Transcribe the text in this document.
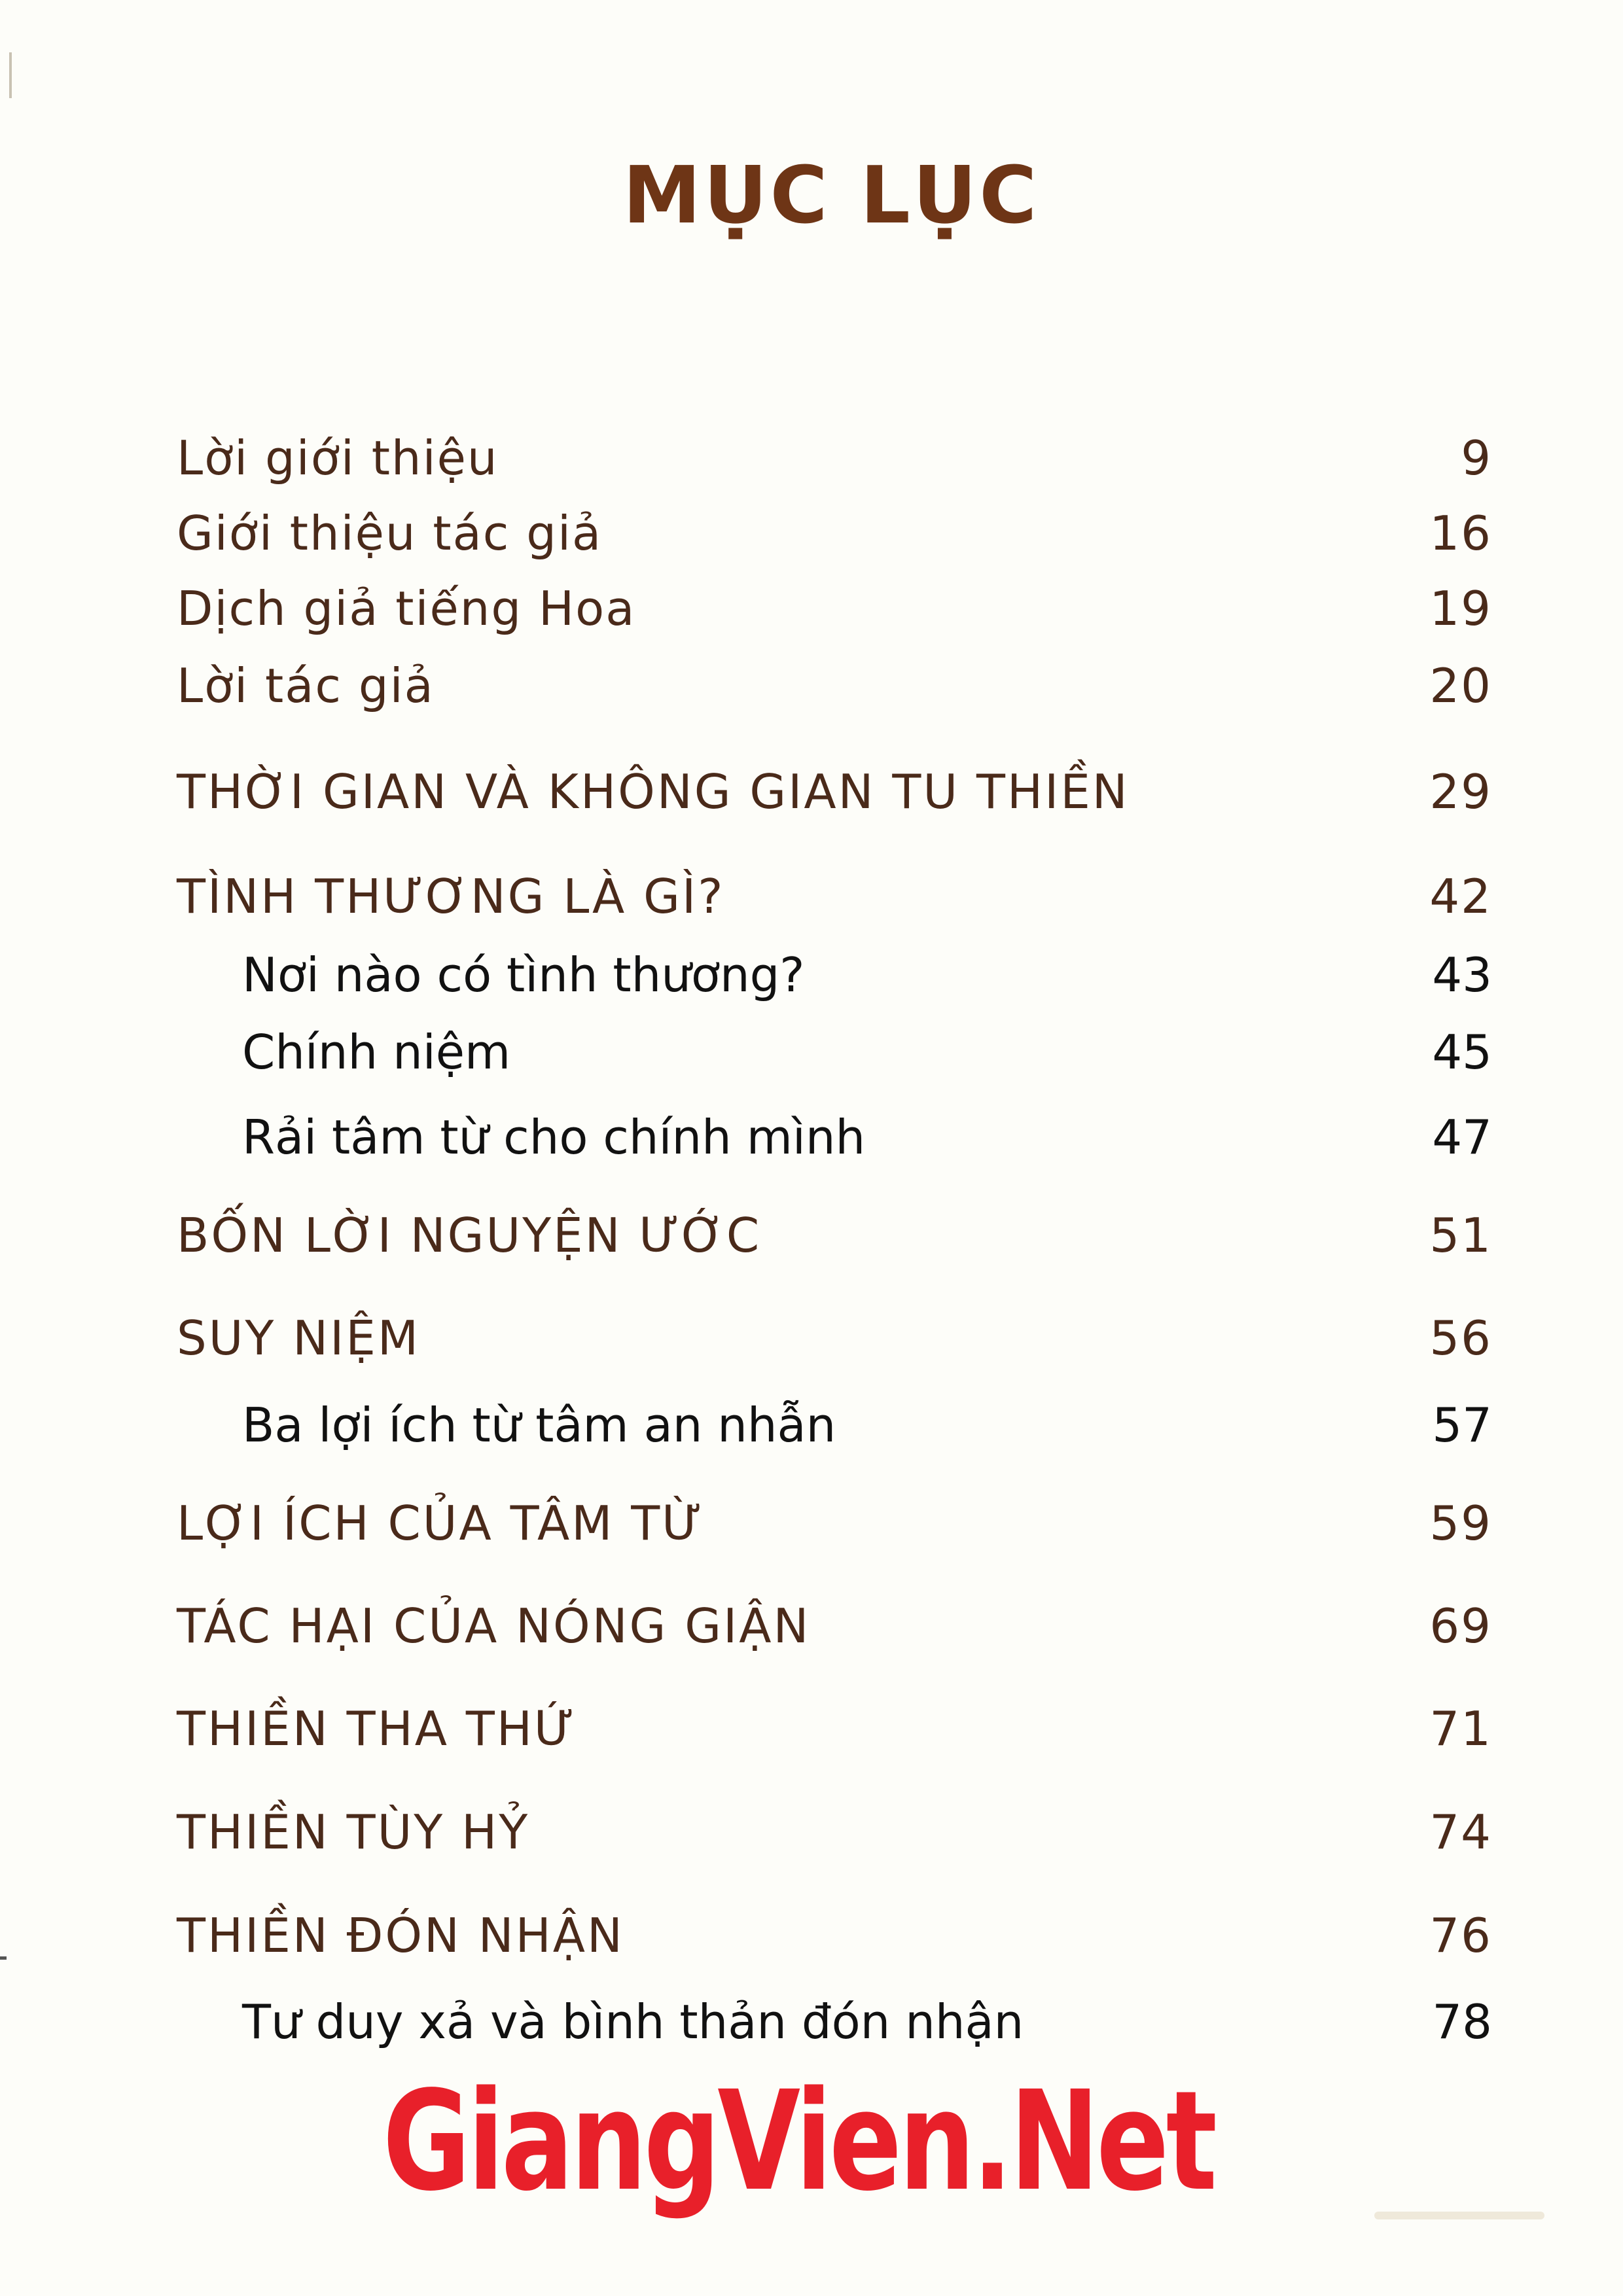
MỤC LỤC
Lời giới thiệu	9
Giới thiệu tác giả	16
Dịch giả tiếng Hoa	19
Lời tác giả	20
THỜI GIAN VÀ KHÔNG GIAN TU THIỀN	29
TÌNH THƯƠNG LÀ GÌ?	42
Nơi nào có tình thương?	43
Chính niệm	45
Rải tâm từ cho chính mình	47
BỐN LỜI NGUYỆN ƯỚC	51
SUY NIỆM	56
Ba lợi ích từ tâm an nhẫn	57
LỢI ÍCH CỦA TÂM TỪ	59
TÁC HẠI CỦA NÓNG GIẬN	69
THIỀN THA THỨ	71
THIỀN TÙY HỶ	74
THIỀN ĐÓN NHẬN	76
Tư duy xả và bình thản đón nhận	78
GiangVien.Net
